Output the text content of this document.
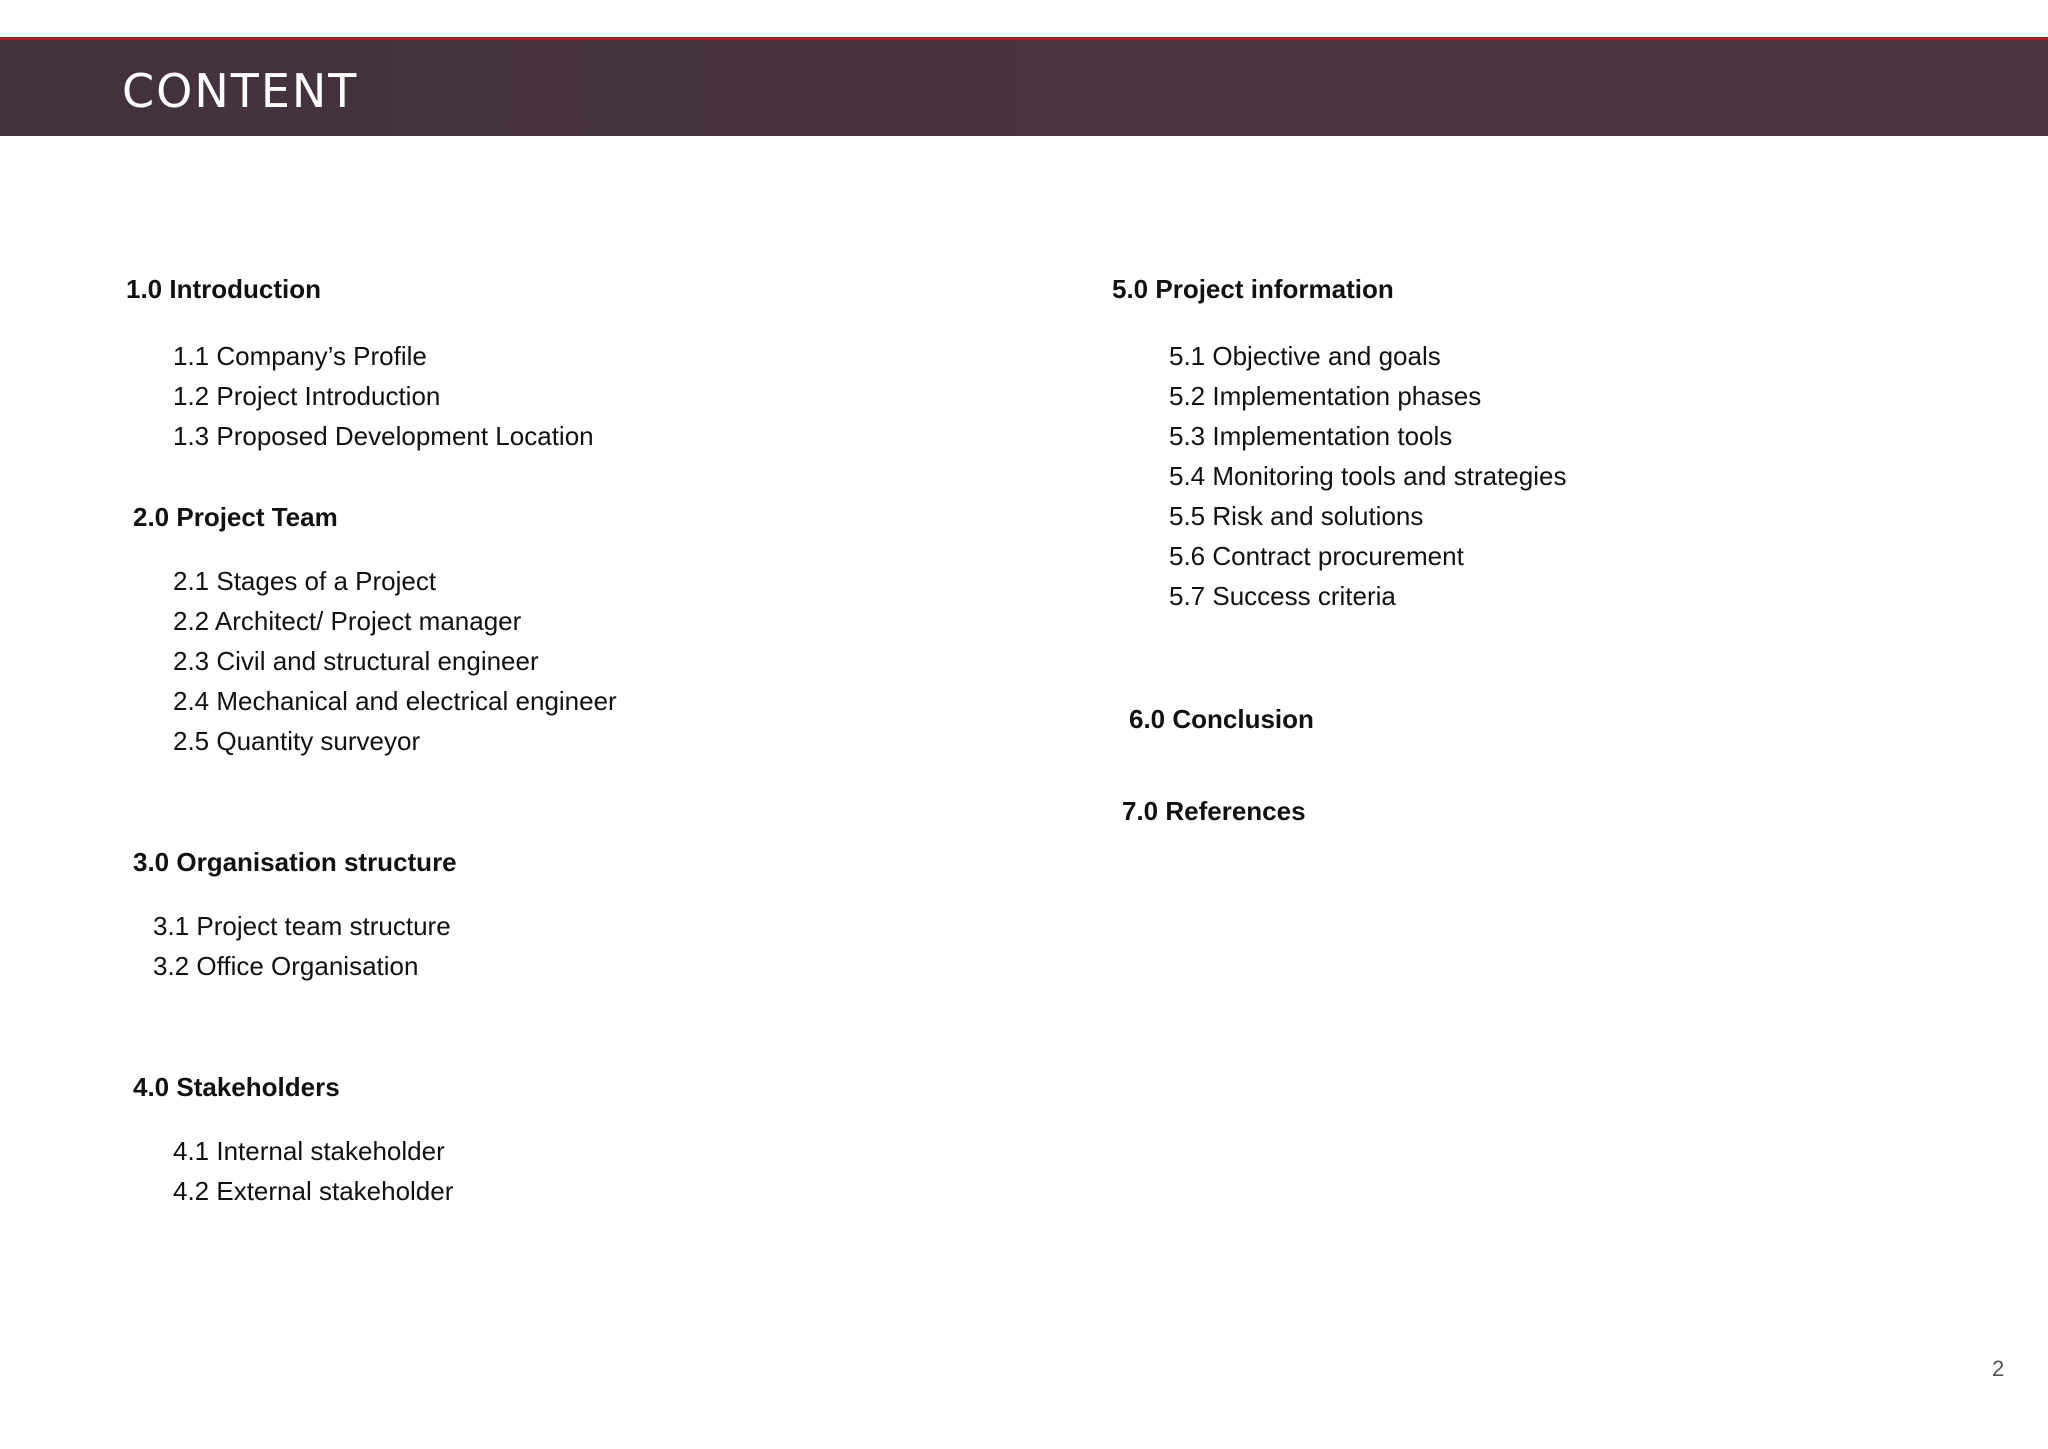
CONTENT
1.0 Introduction
1.1 Company’s Profile
1.2 Project Introduction
1.3 Proposed Development Location
2.0 Project Team
2.1 Stages of a Project
2.2 Architect/ Project manager
2.3 Civil and structural engineer
2.4 Mechanical and electrical engineer
2.5 Quantity surveyor
3.0 Organisation structure
3.1 Project team structure
3.2 Office Organisation
4.0 Stakeholders
4.1 Internal stakeholder
4.2 External stakeholder
5.0 Project information
5.1 Objective and goals
5.2 Implementation phases
5.3 Implementation tools
5.4 Monitoring tools and strategies
5.5 Risk and solutions
5.6 Contract procurement
5.7 Success criteria
6.0 Conclusion
7.0 References
2
